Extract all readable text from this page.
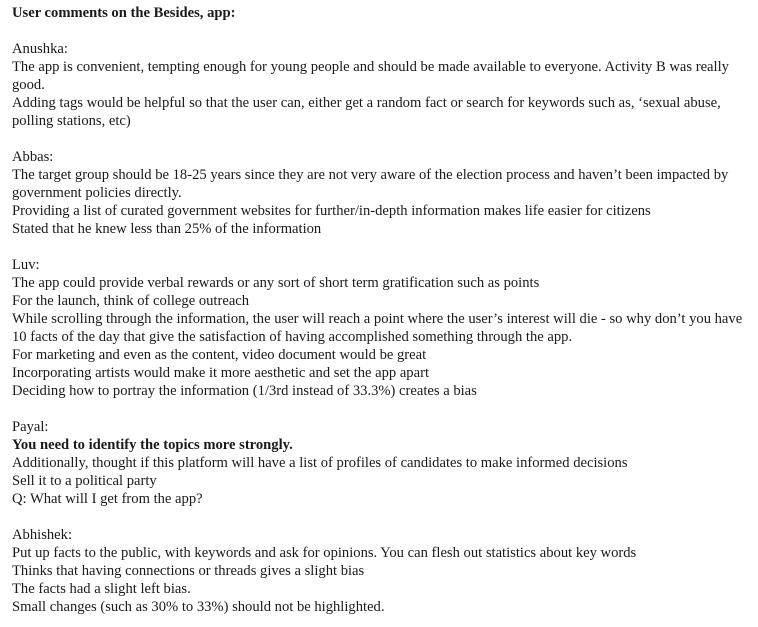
User comments on the Besides, app:

Anushka:

The app is convenient, tempting enough for young people and should be made available to everyone. Activity B was really good.

Adding tags would be helpful so that the user can, either get a random fact or search for keywords such as, ‘sexual abuse, polling stations, etc)

Abbas:

The target group should be 18-25 years since they are not very aware of the election process and haven’t been impacted by government policies directly.

Providing a list of curated government websites for further/in-depth information makes life easier for citizens

Stated that he knew less than 25% of the information

Luv:

The app could provide verbal rewards or any sort of short term gratification such as points

For the launch, think of college outreach

While scrolling through the information, the user will reach a point where the user’s interest will die - so why don’t you have 10 facts of the day that give the satisfaction of having accomplished something through the app.

For marketing and even as the content, video document would be great

Incorporating artists would make it more aesthetic and set the app apart

Deciding how to portray the information (1/3rd instead of 33.3%) creates a bias

Payal:

You need to identify the topics more strongly.

Additionally, thought if this platform will have a list of profiles of candidates to make informed decisions

Sell it to a political party

Q: What will I get from the app?

Abhishek:

Put up facts to the public, with keywords and ask for opinions. You can flesh out statistics about key words

Thinks that having connections or threads gives a slight bias

The facts had a slight left bias.

Small changes (such as 30% to 33%) should not be highlighted.
